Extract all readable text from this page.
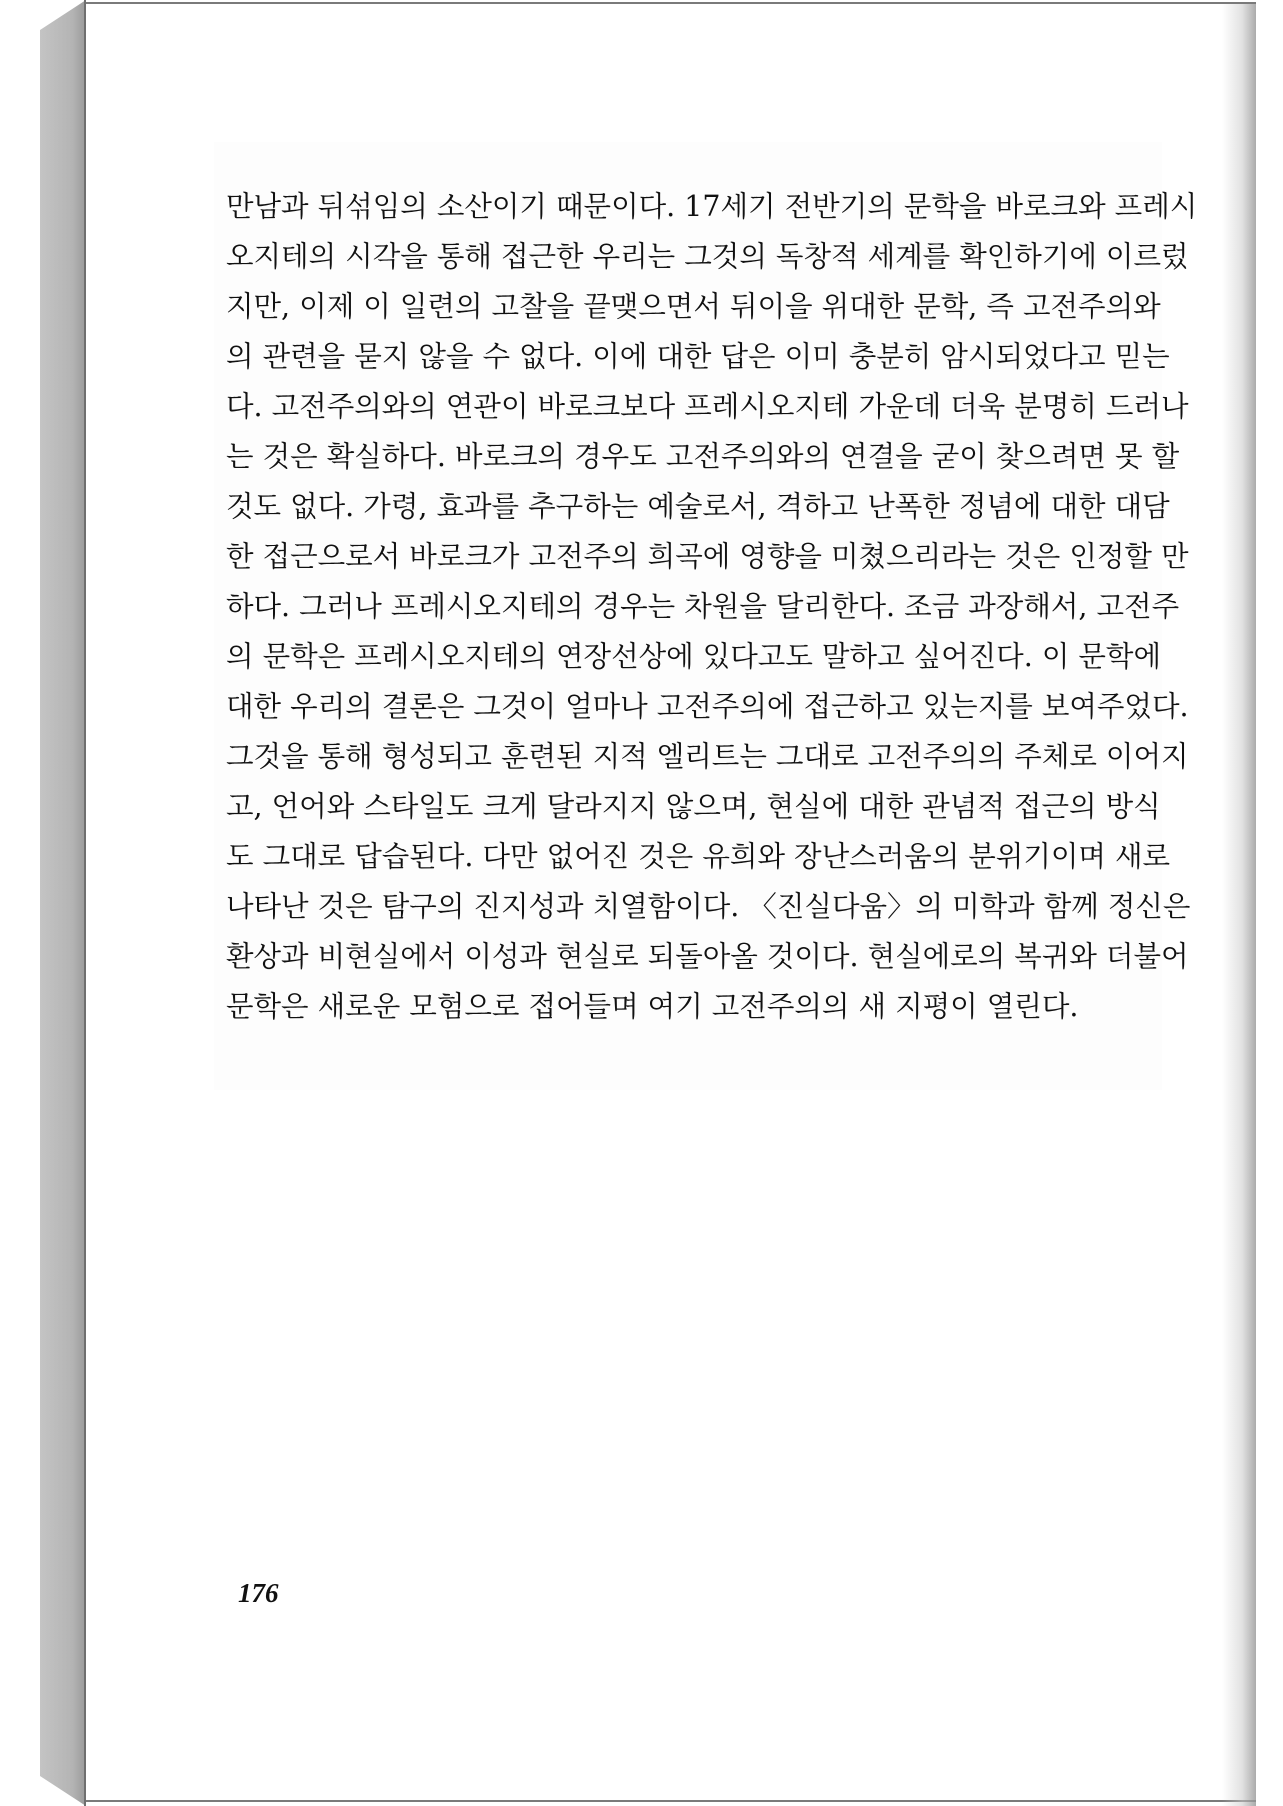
만남과 뒤섞임의 소산이기 때문이다. 17세기 전반기의 문학을 바로크와 프레시
오지테의 시각을 통해 접근한 우리는 그것의 독창적 세계를 확인하기에 이르렀
지만, 이제 이 일련의 고찰을 끝맺으면서 뒤이을 위대한 문학, 즉 고전주의와
의 관련을 묻지 않을 수 없다. 이에 대한 답은 이미 충분히 암시되었다고 믿는
다. 고전주의와의 연관이 바로크보다 프레시오지테 가운데 더욱 분명히 드러나
는 것은 확실하다. 바로크의 경우도 고전주의와의 연결을 굳이 찾으려면 못 할
것도 없다. 가령, 효과를 추구하는 예술로서, 격하고 난폭한 정념에 대한 대담
한 접근으로서 바로크가 고전주의 희곡에 영향을 미쳤으리라는 것은 인정할 만
하다. 그러나 프레시오지테의 경우는 차원을 달리한다. 조금 과장해서, 고전주
의 문학은 프레시오지테의 연장선상에 있다고도 말하고 싶어진다. 이 문학에
대한 우리의 결론은 그것이 얼마나 고전주의에 접근하고 있는지를 보여주었다.
그것을 통해 형성되고 훈련된 지적 엘리트는 그대로 고전주의의 주체로 이어지
고, 언어와 스타일도 크게 달라지지 않으며, 현실에 대한 관념적 접근의 방식
도 그대로 답습된다. 다만 없어진 것은 유희와 장난스러움의 분위기이며 새로
나타난 것은 탐구의 진지성과 치열함이다. 〈진실다움〉의 미학과 함께 정신은
환상과 비현실에서 이성과 현실로 되돌아올 것이다. 현실에로의 복귀와 더불어
문학은 새로운 모험으로 접어들며 여기 고전주의의 새 지평이 열린다.
176
